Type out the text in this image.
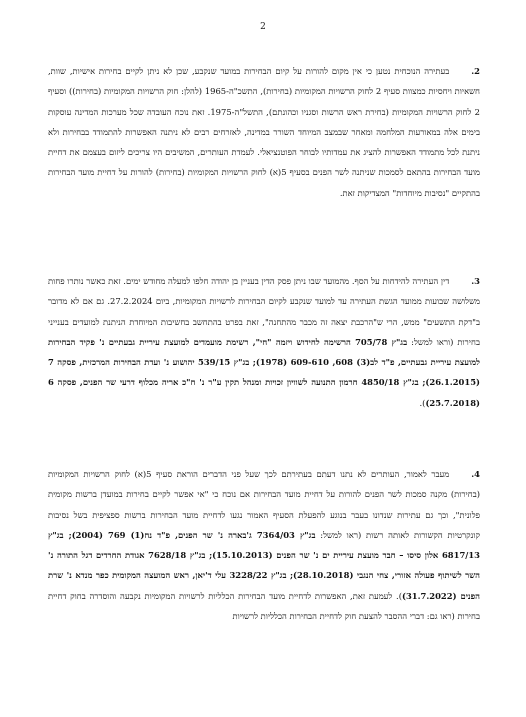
2
2.בעתירה הנוכחית נטען כי אין מקום להורות על קיום הבחירות במועד שנקבע, שכן לא ניתן לקיים בחירות אישיות, שוות, חשאיות ויחסיות כמצוות סעיף 2 לחוק הרשויות המקומיות (בחירות), התשכ"ה-1965 (להלן: חוק הרשויות המקומיות (בחירות)) וסעיף 2 לחוק הרשויות המקומיות (בחירת ראש הרשות וסגניו וכהונתם), התשל"ה-1975. זאת נוכח העובדה שכל מערכות המדינה עוסקות בימים אלה במאורעות המלחמה ומאחר שבמצב המיוחד השורר במדינה, לאזרחים רבים לא ניתנה האפשרות להתמודד בבחירות ולא ניתנת לכל מתמודד האפשרות להציג את עמדותיו לבוחר הפוטנציאלי. לעמדת העותרים, המשיבים היו צריכים ליזום בעצמם את דחיית מועד הבחירות בהתאם לסמכות שניתנה לשר הפנים בסעיף 5(א) לחוק הרשויות המקומיות (בחירות) להורות על דחיית מועד הבחירות בהתקיים "נסיבות מיוחדות" המצדיקות זאת.
3.דין העתירה להידחות על הסף. מהמועד שבו ניתן פסק הדין בעניין בן יהודה חלפו למעלה מחודש ימים. זאת כאשר נותרו פחות משלושה שבועות ממועד הגשת העתירה עד למועד שנקבע לקיום הבחירות לרשויות המקומיות, ביום 27.2.2024. גם אם לא מדובר ב"דקת התשעים" ממש, הרי ש"הרכבת יצאה זה מכבר מהתחנה", זאת בפרט בהתחשב בחשיבות המיוחדת הניתנת למועדים בענייני בחירות (וראו למשל: בג"ץ 705/78 הרשימה לחידוש ויזמה "חי", רשימת מועמדים למועצת עיריית גבעתיים נ' פקיד הבחירות למועצת עיריית גבעתיים, פ"ד לב(3) 608, 609-610 (1978); בג"ץ 539/15 יהושוע נ' ועדת הבחירות המרכזית, פסקה 7 (26.1.2015); בג"ץ 4850/18 חרמון התנועה לשוויון זכויות ומנהל תקין ע"ר נ' ח"כ אריה מכלוף דרעי שר הפנים, פסקה 6 (25.7.2018)).
4.מעבר לאמור, העותרים לא נתנו דעתם בעתירתם לכך שעל פני הדברים הוראת סעיף 5(א) לחוק הרשויות המקומיות (בחירות) מקנה סמכות לשר הפנים להורות על דחיית מועד הבחירות אם נוכח כי "אי אפשר לקיים בחירות במועדן ברשות מקומית פלונית", וכך גם עתירות שנדונו בעבר בנוגע להפעלת הסעיף האמור נגעו לדחיית מועד הבחירות ברשות ספציפית בשל נסיבות קונקרטיות הקשורות לאותה רשות (ראו למשל: בג"ץ 7364/03 ג'בארה נ' שר הפנים, פ"ד נח(1) 769 (2004); בג"ץ 6817/13 אלון סיסו – חבר מועצת עיריית ים נ' שר הפנים (15.10.2013); בג"ץ 7628/18 אגודת החרדים דגל התורה נ' השר לשיתוף פעולה אזורי, צחי הנגבי (28.10.2018); בג"ץ 3228/22 עלי ד'יאן, ראש המועצה המקומית כפר מנדא נ' שרת הפנים (31.7.2022)). לעמעת זאת, האפשרות לדחיית מועד הבחירות הכלליות לרשויות המקומיות נקבעה והוסדרה בחוק דחיית בחירות (ראו גם: דברי ההסבר להצעת חוק לדחיית הבחירות הכלליות לרשויות
